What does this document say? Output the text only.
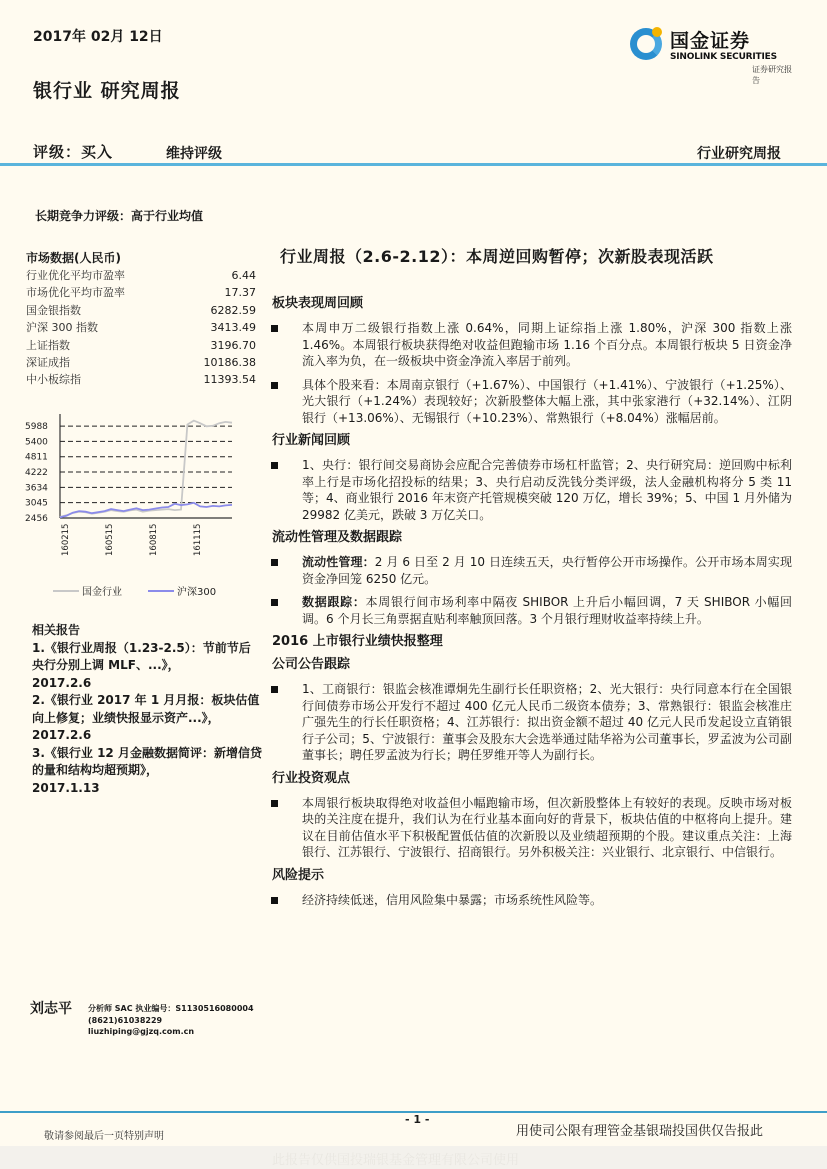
2017年 02月 12日
银行业 研究周报
评级：买入	维持评级	行业研究周报
国金证券
SINOLINK SECURITIES
证券研究报告
长期竞争力评级：高于行业均值
市场数据(人民币)
行业优化平均市盈率	6.44
市场优化平均市盈率	17.37
国金银指数	6282.59
沪深 300 指数	3413.49
上证指数	3196.70
深证成指	10186.38
中小板综指	11393.54
2456
3045
3634
4222
4811
5400
5988
160215	160515	160815	161115
国金行业	沪深300
相关报告
1.《银行业周报（1.23-2.5）：节前节后央行分别上调 MLF、...》，
2017.2.6
2.《银行业 2017 年 1 月月报：板块估值向上修复；业绩快报显示资产...》，2017.2.6
3.《银行业 12 月金融数据简评：新增信贷的量和结构均超预期》，
2017.1.13
刘志平 分析师 SAC 执业编号：S1130516080004
(8621)61038229
liuzhiping@gjzq.com.cn
行业周报（2.6-2.12）：本周逆回购暂停；次新股表现活跃
板块表现周回顾
本周申万二级银行指数上涨 0.64%，同期上证综指上涨 1.80%，沪深 300 指数上涨 1.46%。本周银行板块获得绝对收益但跑输市场 1.16 个百分点。本周银行板块 5 日资金净流入率为负，在一级板块中资金净流入率居于前列。
具体个股来看：本周南京银行（+1.67%）、中国银行（+1.41%）、宁波银行（+1.25%）、光大银行（+1.24%）表现较好；次新股整体大幅上涨，其中张家港行（+32.14%）、江阴银行（+13.06%）、无锡银行（+10.23%）、常熟银行（+8.04%）涨幅居前。
行业新闻回顾
1、央行：银行间交易商协会应配合完善债券市场杠杆监管；2、央行研究局：逆回购中标利率上行是市场化招投标的结果；3、央行启动反洗钱分类评级，法人金融机构将分 5 类 11 等；4、商业银行 2016 年末资产托管规模突破 120 万亿，增长 39%；5、中国 1 月外储为 29982 亿美元，跌破 3 万亿关口。
流动性管理及数据跟踪
流动性管理：2 月 6 日至 2 月 10 日连续五天，央行暂停公开市场操作。公开市场本周实现资金净回笼 6250 亿元。
数据跟踪：本周银行间市场利率中隔夜 SHIBOR 上升后小幅回调，7 天 SHIBOR 小幅回调。6 个月长三角票据直贴利率触顶回落。3 个月银行理财收益率持续上升。
2016 上市银行业绩快报整理
公司公告跟踪
1、工商银行：银监会核准谭炯先生副行长任职资格；2、光大银行：央行同意本行在全国银行间债券市场公开发行不超过 400 亿元人民币二级资本债券；3、常熟银行：银监会核准庄广强先生的行长任职资格；4、江苏银行：拟出资金额不超过 40 亿元人民币发起设立直销银行子公司；5、宁波银行：董事会及股东大会选举通过陆华裕为公司董事长，罗孟波为公司副董事长；聘任罗孟波为行长；聘任罗维开等人为副行长。
行业投资观点
本周银行板块取得绝对收益但小幅跑输市场，但次新股整体上有较好的表现。反映市场对板块的关注度在提升，我们认为在行业基本面向好的背景下，板块估值的中枢将向上提升。建议在目前估值水平下积极配置低估值的次新股以及业绩超预期的个股。建议重点关注：上海银行、江苏银行、宁波银行、招商银行。另外积极关注：兴业银行、北京银行、中信银行。
风险提示
经济持续低迷，信用风险集中暴露；市场系统性风险等。
- 1 -
敬请参阅最后一页特别声明	用使司公限有理管金基银瑞投国供仅告报此
此报告仅供国投瑞银基金管理有限公司使用
